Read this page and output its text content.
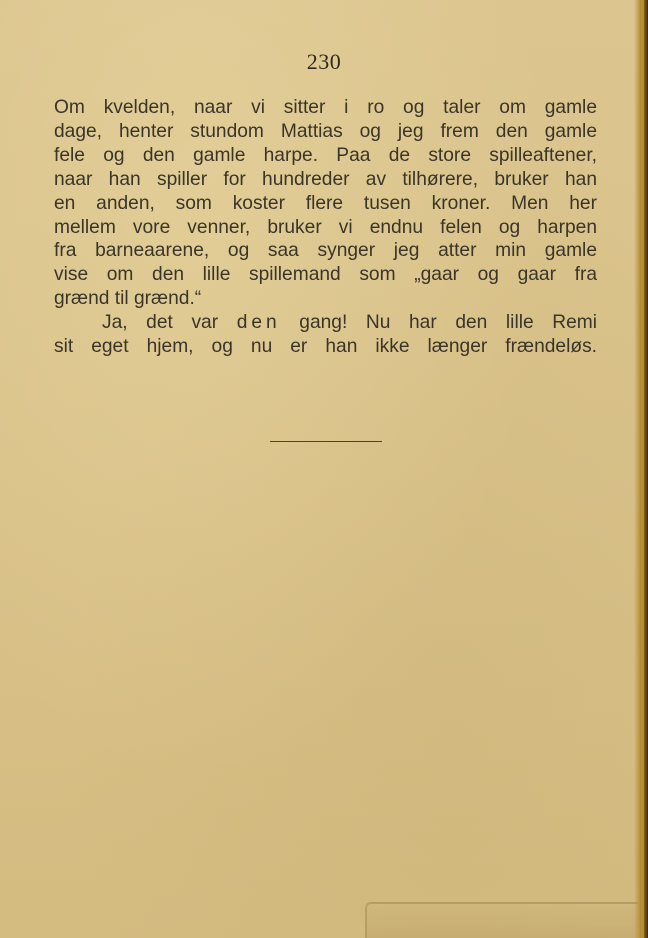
230
Om kvelden, naar vi sitter i ro og taler om gamle
dage, henter stundom Mattias og jeg frem den gamle
fele og den gamle harpe. Paa de store spilleaftener,
naar han spiller for hundreder av tilhørere, bruker han
en anden, som koster flere tusen kroner. Men her
mellem vore venner, bruker vi endnu felen og harpen
fra barneaarene, og saa synger jeg atter min gamle
vise om den lille spillemand som „gaar og gaar fra
grænd til grænd.“
Ja, det var den gang! Nu har den lille Remi
sit eget hjem, og nu er han ikke længer frændeløs.
